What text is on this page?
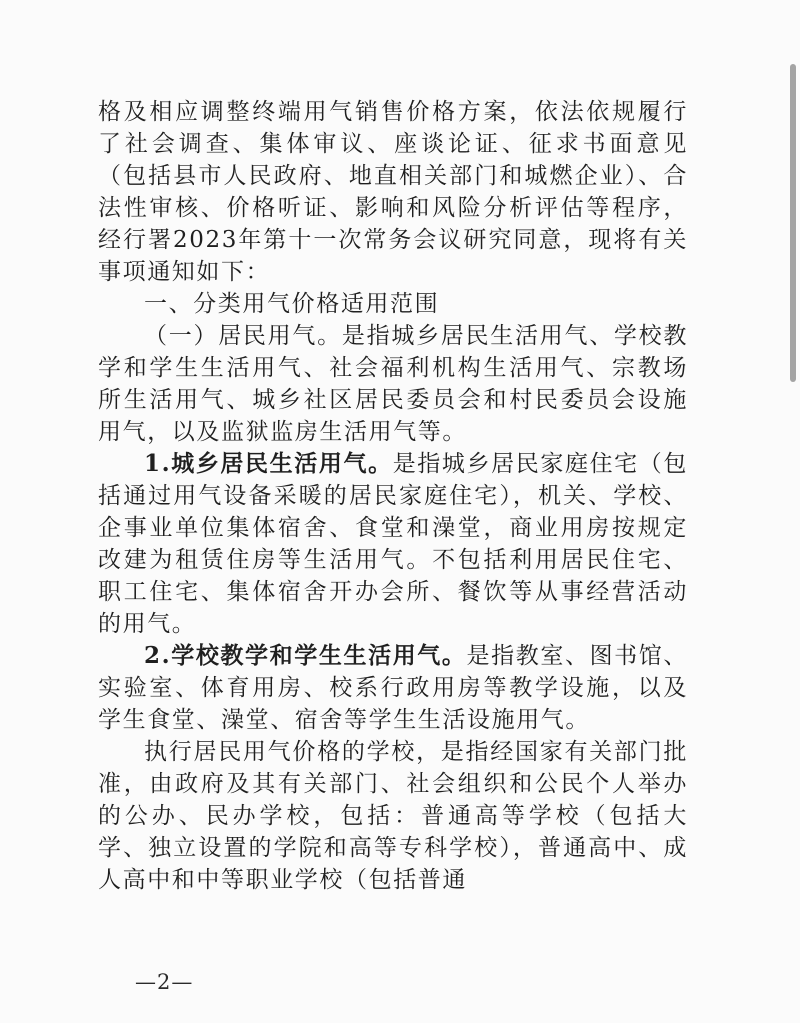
格及相应调整终端用气销售价格方案，依法依规履行了社会调查、集体审议、座谈论证、征求书面意见（包括县市人民政府、地直相关部门和城燃企业）、合法性审核、价格听证、影响和风险分析评估等程序，经行署2023年第十一次常务会议研究同意，现将有关事项通知如下：

一、分类用气价格适用范围

（一）居民用气。是指城乡居民生活用气、学校教学和学生生活用气、社会福利机构生活用气、宗教场所生活用气、城乡社区居民委员会和村民委员会设施用气，以及监狱监房生活用气等。

1.城乡居民生活用气。是指城乡居民家庭住宅（包括通过用气设备采暖的居民家庭住宅），机关、学校、企事业单位集体宿舍、食堂和澡堂，商业用房按规定改建为租赁住房等生活用气。不包括利用居民住宅、职工住宅、集体宿舍开办会所、餐饮等从事经营活动的用气。

2.学校教学和学生生活用气。是指教室、图书馆、实验室、体育用房、校系行政用房等教学设施，以及学生食堂、澡堂、宿舍等学生生活设施用气。

执行居民用气价格的学校，是指经国家有关部门批准，由政府及其有关部门、社会组织和公民个人举办的公办、民办学校，包括：普通高等学校（包括大学、独立设置的学院和高等专科学校），普通高中、成人高中和中等职业学校（包括普通

—2—
